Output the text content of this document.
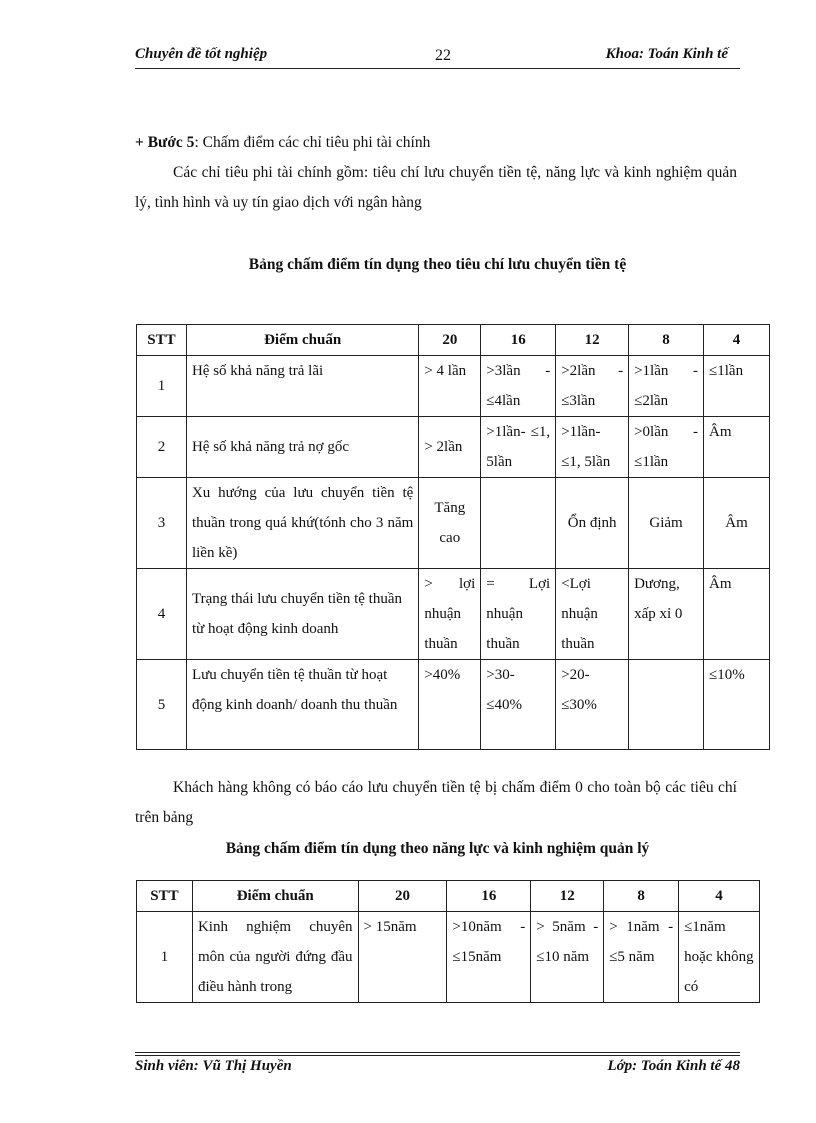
Chuyên đề tốt nghiệp	22	Khoa: Toán Kinh tế
+ Bước 5: Chấm điểm các chỉ tiêu phi tài chính
Các chỉ tiêu phi tài chính gồm: tiêu chí lưu chuyển tiền tệ, năng lực và kinh nghiệm quản lý, tình hình và uy tín giao dịch với ngân hàng
Bảng chấm điểm tín dụng theo tiêu chí lưu chuyển tiền tệ
STT	Điểm chuẩn	20	16	12	8	4
1	Hệ số khả năng trả lãi	> 4 lần	>3lần - ≤4lần	>2lần - ≤3lần	>1lần - ≤2lần	≤1lần
2	Hệ số khả năng trả nợ gốc	> 2lần	>1lần- ≤1, 5lần	>1lần- ≤1, 5lần	>0lần - ≤1lần	Âm
3	Xu hướng của lưu chuyển tiền tệ thuần trong quá khứ(tónh cho 3 năm liền kề)	Tăng cao		Ổn định	Giảm	Âm
4	Trạng thái lưu chuyển tiền tệ thuần từ hoạt động kinh doanh	> lợi nhuận thuần	= Lợi nhuận thuần	<Lợi nhuận thuần	Dương, xấp xỉ 0	Âm
5	Lưu chuyển tiền tệ thuần từ hoạt động kinh doanh/ doanh thu thuần	>40%	>30- ≤40%	>20- ≤30%		≤10%
Khách hàng không có báo cáo lưu chuyển tiền tệ bị chấm điểm 0 cho toàn bộ các tiêu chí trên bảng
Bảng chấm điểm tín dụng theo năng lực và kinh nghiệm quản lý
STT	Điểm chuẩn	20	16	12	8	4
1	Kinh nghiệm chuyên môn của người đứng đầu điều hành trong	> 15năm	>10năm - ≤15năm	> 5năm - ≤10 năm	> 1năm - ≤5 năm	≤1năm hoặc không có
Sinh viên: Vũ Thị Huyền	Lớp: Toán Kinh tế 48
